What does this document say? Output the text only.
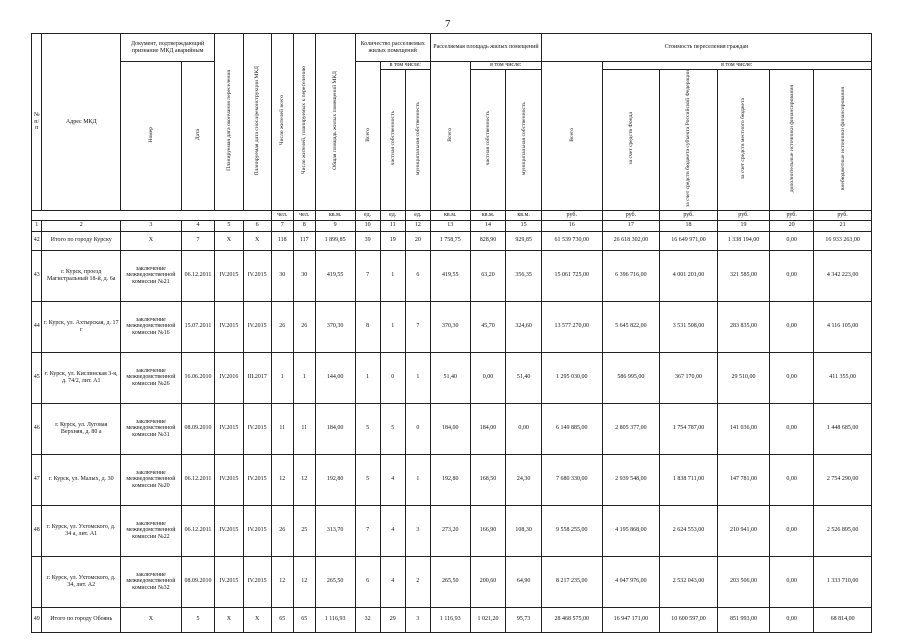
7
№ п/п	Адрес МКД	Документ, подтверждающий признание МКД аварийным		Планируемая дата окончания переселения	Планируемая дата сноса/реконструкции МКД	Число жителей всего	Число жителей, планируемых к переселению	Общая площадь жилых помещений МКД	Количество расселяемых жилых помещений			Расселяемая площадь жилых помещений			Стоимость переселения граждан					
		Номер	Дата						Всего	в том числе:		Всего	в том числе:		Всего	в том числе:				
										частная собственность	муниципальная собственность		частная собственность	муниципальная собственность		за счет средств Фонда	за счет средств бюджета субъекта Российской Федерации	за счет средств местного бюджета	дополнительные источники финансирования	внебюджетные источники финансирования
						чел.	чел.	кв.м.	ед.	ед.	ед.	кв.м.	кв.м.	кв.м.	руб.	руб.	руб.	руб.	руб.	руб.
1	2	3	4	5	6	7	8	9	10	11	12	13	14	15	16	17	18	19	20	21
42	Итого по городу Курску	X	7	X	X	118	117	1 899,85	39	19	20	1 758,75	828,90	929,85	61 539 730,00	26 618 302,00	16 649 971,00	1 338 194,00	0,00	16 933 263,00
43	г. Курск, проезд Магистральный 18-й, д. 6а	заключение межведомственной комиссии №21	06.12.2011	IV.2015	IV.2015	30	30	419,55	7	1	6	419,55	63,20	356,35	15 061 725,00	6 396 716,00	4 001 201,00	321 585,00	0,00	4 342 223,00
44	г. Курск, ул. Ахтырская, д. 17 г	заключение межведомственной комиссии №16	15.07.2011	IV.2015	IV.2015	26	26	370,30	8	1	7	370,30	45,70	324,60	13 577 270,00	5 645 822,00	3 531 508,00	283 835,00	0,00	4 116 105,00
45	г. Курск, ул. Кислинская 3-я, д. 74/2, лит. А1	заключение межведомственной комиссии №26	16.06.2010	IV.2016	III.2017	1	1	144,00	1	0	1	51,40	0,00	51,40	1 295 030,00	586 995,00	367 170,00	29 510,00	0,00	411 355,00
46	г. Курск, ул. Луговая Верхняя, д. 80 а	заключение межведомственной комиссии №31	08.09.2010	IV.2015	IV.2015	11	11	184,00	5	5	0	184,00	184,00	0,00	6 149 885,00	2 805 377,00	1 754 787,00	141 036,00	0,00	1 448 685,00
47	г. Курск, ул. Малых, д. 30	заключение межведомственной комиссии №20	06.12.2011	IV.2015	IV.2015	12	12	192,80	5	4	1	192,80	168,50	24,30	7 680 330,00	2 939 548,00	1 838 711,00	147 781,00	0,00	2 754 290,00
48	г. Курск, ул. Ухтомского, д. 34 а, лит. А1	заключение межведомственной комиссии №22	06.12.2011	IV.2015	IV.2015	26	25	313,70	7	4	3	273,20	166,90	108,30	9 558 255,00	4 195 868,00	2 624 553,00	210 941,00	0,00	2 526 895,00
	г. Курск, ул. Ухтомского, д. 34, лит. А2	заключение межведомственной комиссии №32	08.09.2010	IV.2015	IV.2015	12	12	265,50	6	4	2	265,50	200,60	64,90	8 217 235,00	4 047 976,00	2 532 043,00	203 506,00	0,00	1 333 710,00
49	Итого по городу Обоянь	X	5	X	X	65	65	1 116,93	32	29	3	1 116,93	1 021,20	95,73	28 468 575,00	16 947 171,00	10 600 597,00	851 993,00	0,00	68 814,00
